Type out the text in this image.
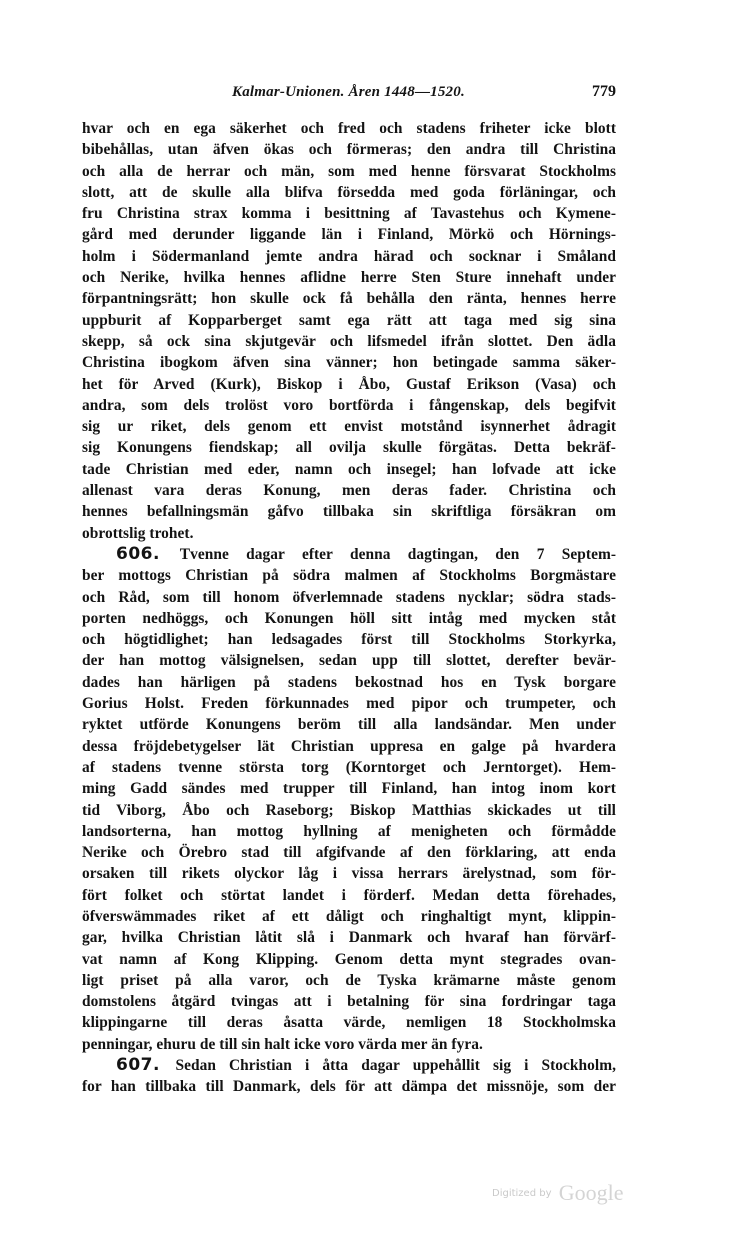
Kalmar-Unionen. Åren 1448—1520.	779
hvar och en ega säkerhet och fred och stadens friheter icke blott
bibehållas, utan äfven ökas och förmeras; den andra till Christina
och alla de herrar och män, som med henne försvarat Stockholms
slott, att de skulle alla blifva försedda med goda förläningar, och
fru Christina strax komma i besittning af Tavastehus och Kymene-
gård med derunder liggande län i Finland, Mörkö och Hörnings-
holm i Södermanland jemte andra härad och socknar i Småland
och Nerike, hvilka hennes aflidne herre Sten Sture innehaft under
förpantningsrätt; hon skulle ock få behålla den ränta, hennes herre
uppburit af Kopparberget samt ega rätt att taga med sig sina
skepp, så ock sina skjutgevär och lifsmedel ifrån slottet. Den ädla
Christina ibogkom äfven sina vänner; hon betingade samma säker-
het för Arved (Kurk), Biskop i Åbo, Gustaf Erikson (Vasa) och
andra, som dels trolöst voro bortförda i fångenskap, dels begifvit
sig ur riket, dels genom ett envist motstånd isynnerhet ådragit
sig Konungens fiendskap; all ovilja skulle förgätas. Detta bekräf-
tade Christian med eder, namn och insegel; han lofvade att icke
allenast vara deras Konung, men deras fader. Christina och
hennes befallningsmän gåfvo tillbaka sin skriftliga försäkran om
obrottslig trohet.
606. Tvenne dagar efter denna dagtingan, den 7 Septem-
ber mottogs Christian på södra malmen af Stockholms Borgmästare
och Råd, som till honom öfverlemnade stadens nycklar; södra stads-
porten nedhöggs, och Konungen höll sitt intåg med mycken ståt
och högtidlighet; han ledsagades först till Stockholms Storkyrka,
der han mottog välsignelsen, sedan upp till slottet, derefter bevär-
dades han härligen på stadens bekostnad hos en Tysk borgare
Gorius Holst. Freden förkunnades med pipor och trumpeter, och
ryktet utförde Konungens beröm till alla landsändar. Men under
dessa fröjdebetygelser lät Christian uppresa en galge på hvardera
af stadens tvenne största torg (Korntorget och Jerntorget). Hem-
ming Gadd sändes med trupper till Finland, han intog inom kort
tid Viborg, Åbo och Raseborg; Biskop Matthias skickades ut till
landsorterna, han mottog hyllning af menigheten och förmådde
Nerike och Örebro stad till afgifvande af den förklaring, att enda
orsaken till rikets olyckor låg i vissa herrars ärelystnad, som för-
fört folket och störtat landet i förderf. Medan detta förehades,
öfverswämmades riket af ett dåligt och ringhaltigt mynt, klippin-
gar, hvilka Christian låtit slå i Danmark och hvaraf han förvärf-
vat namn af Kong Klipping. Genom detta mynt stegrades ovan-
ligt priset på alla varor, och de Tyska krämarne måste genom
domstolens åtgärd tvingas att i betalning för sina fordringar taga
klippingarne till deras åsatta värde, nemligen 18 Stockholmska
penningar, ehuru de till sin halt icke voro värda mer än fyra.
607. Sedan Christian i åtta dagar uppehållit sig i Stockholm,
for han tillbaka till Danmark, dels för att dämpa det missnöje, som der
Digitized by Google
